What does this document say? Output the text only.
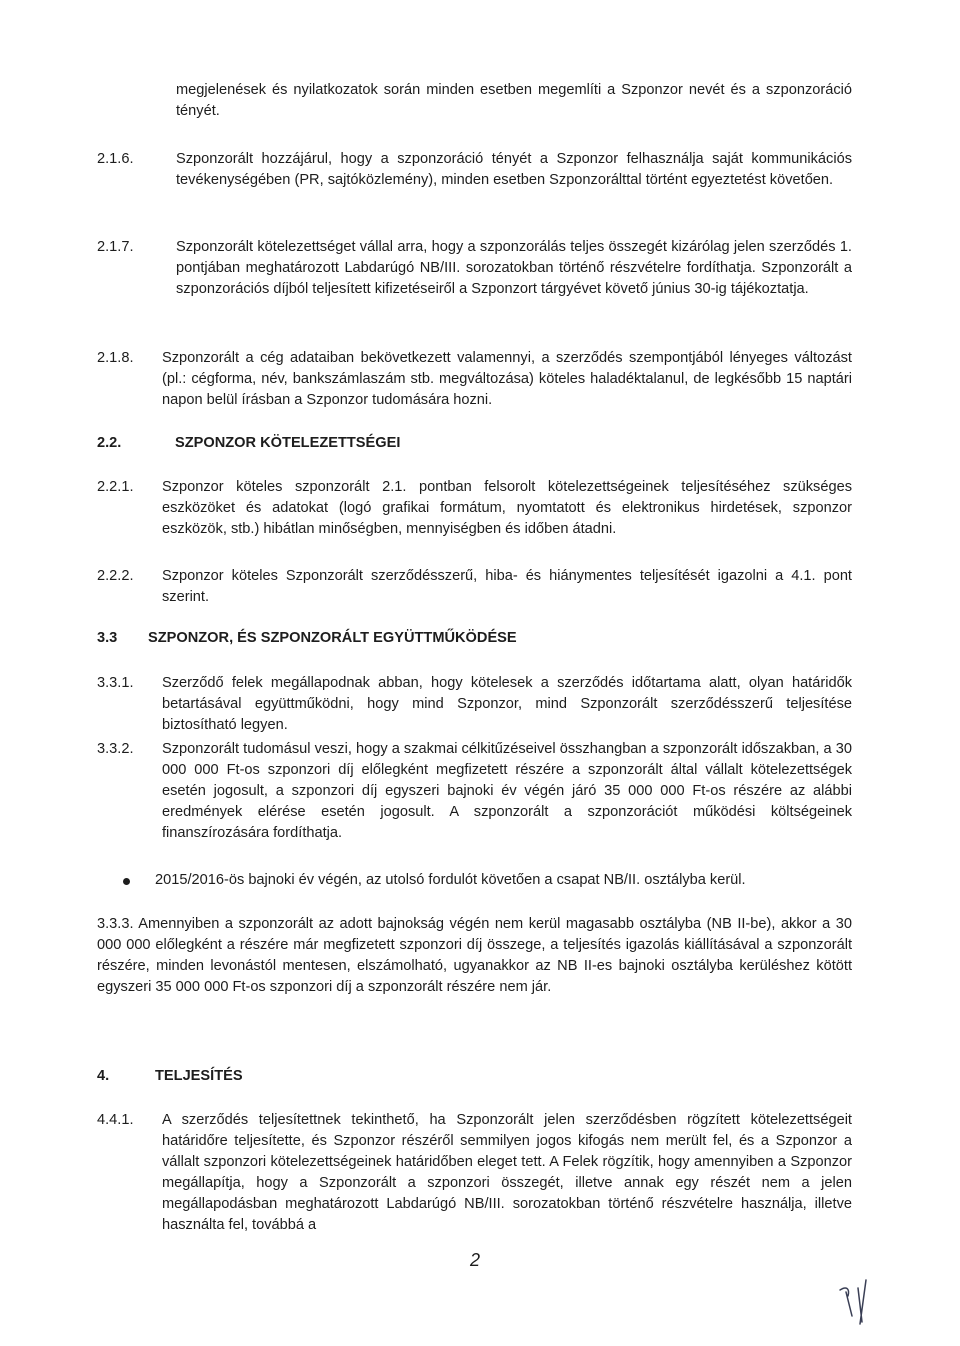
megjelenések és nyilatkozatok során minden esetben megemlíti a Szponzor nevét és a szponzoráció tényét.

2.1.6.	Szponzorált hozzájárul, hogy a szponzoráció tényét a Szponzor felhasználja saját kommunikációs tevékenységében (PR, sajtóközlemény), minden esetben Szponzorálttal történt egyeztetést követően.

2.1.7.	Szponzorált kötelezettséget vállal arra, hogy a szponzorálás teljes összegét kizárólag jelen szerződés 1. pontjában meghatározott Labdarúgó NB/III. sorozatokban történő részvételre fordíthatja. Szponzorált a szponzorációs díjból teljesített kifizetéseiről a Szponzort tárgyévet követő június 30-ig tájékoztatja.

2.1.8. Szponzorált a cég adataiban bekövetkezett valamennyi, a szerződés szempontjából lényeges változást (pl.: cégforma, név, bankszámlaszám stb. megváltozása) köteles haladéktalanul, de legkésőbb 15 naptári napon belül írásban a Szponzor tudomására hozni.

2.2.	SZPONZOR KÖTELEZETTSÉGEI
2.2.1. Szponzor köteles szponzorált 2.1. pontban felsorolt kötelezettségeinek teljesítéséhez szükséges eszközöket és adatokat (logó grafikai formátum, nyomtatott és elektronikus hirdetések, szponzor eszközök, stb.) hibátlan minőségben, mennyiségben és időben átadni.

2.2.2. Szponzor köteles Szponzorált szerződésszerű, hiba- és hiánymentes teljesítését igazolni a 4.1. pont szerint.

3.3 SZPONZOR, ÉS SZPONZORÁLT EGYÜTTMŰKÖDÉSE
3.3.1. Szerződő felek megállapodnak abban, hogy kötelesek a szerződés időtartama alatt, olyan határidők betartásával együttműködni, hogy mind Szponzor, mind Szponzorált szerződésszerű teljesítése biztosítható legyen.

3.3.2. Szponzorált tudomásul veszi, hogy a szakmai célkitűzéseivel összhangban a szponzorált időszakban, a 30 000 000 Ft-os szponzori díj előlegként megfizetett részére a szponzorált által vállalt kötelezettségek esetén jogosult, a szponzori díj egyszeri bajnoki év végén járó 35 000 000 Ft-os részére az alábbi eredmények elérése esetén jogosult. A szponzorált a szponzorációt működési költségeinek finanszírozására fordíthatja.

2015/2016-ös bajnoki év végén, az utolsó fordulót követően a csapat NB/II. osztályba kerül.

3.3.3. Amennyiben a szponzorált az adott bajnokság végén nem kerül magasabb osztályba (NB II-be), akkor a 30 000 000 előlegként a részére már megfizetett szponzori díj összege, a teljesítés igazolás kiállításával a szponzorált részére, minden levonástól mentesen, elszámolható, ugyanakkor az NB II-es bajnoki osztályba kerüléshez kötött egyszeri 35 000 000 Ft-os szponzori díj a szponzorált részére nem jár.

4.	TELJESÍTÉS
4.4.1. A szerződés teljesítettnek tekinthető, ha Szponzorált jelen szerződésben rögzített kötelezettségeit határidőre teljesítette, és Szponzor részéről semmilyen jogos kifogás nem merült fel, és a Szponzor a vállalt szponzori kötelezettségeinek határidőben eleget tett. A Felek rögzítik, hogy amennyiben a Szponzor megállapítja, hogy a Szponzorált a szponzori összegét, illetve annak egy részét nem a jelen megállapodásban meghatározott Labdarúgó NB/III. sorozatokban történő részvételre használja, illetve használta fel, továbbá a

2
